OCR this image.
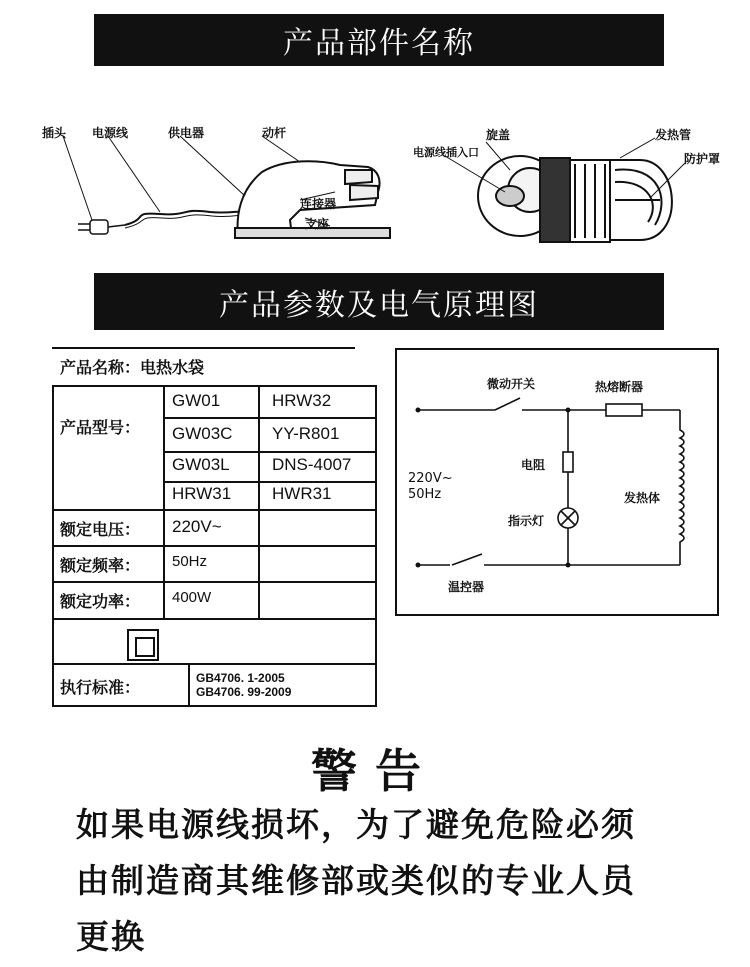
产品部件名称
产品参数及电气原理图
插头 电源线	供电器	动杆
连接器
支座
旋盖
电源线插入口
发热管
防护罩
产品名称：电热水袋
产品型号：
GW01	HRW32
GW03C YY-R801
GW03L DNS-4007
HRW31 HWR31
额定电压： 220V~
额定频率： 50Hz
额定功率： 400W
执行标准：	GB4706. 1-2005
GB4706. 99-2009
微动开关	热熔断器
电阻
220V~
50Hz
指示灯
发热体
温控器
警告
如果电源线损坏，为了避免危险必须
由制造商其维修部或类似的专业人员
更换
